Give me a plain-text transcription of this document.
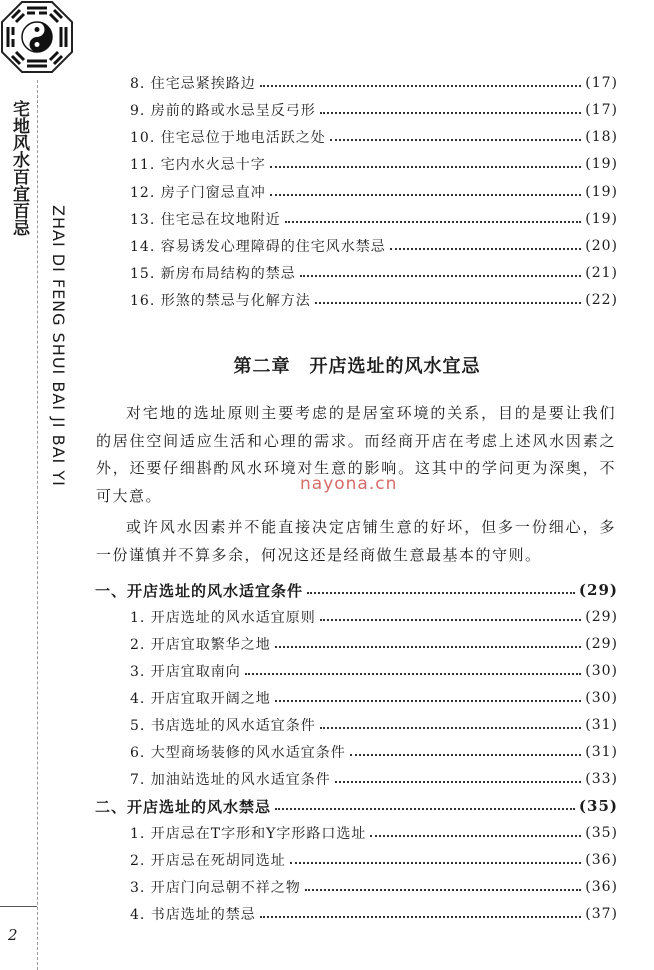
宅地风水百宜百忌
ZHAI DI FENG SHUI BAI JI BAI YI
2
8. 住宅忌紧挨路边	(17)
9. 房前的路或水忌呈反弓形	(17)
10. 住宅忌位于地电活跃之处	(18)
11. 宅内水火忌十字	(19)
12. 房子门窗忌直冲	(19)
13. 住宅忌在坟地附近	(19)
14. 容易诱发心理障碍的住宅风水禁忌	(20)
15. 新房布局结构的禁忌	(21)
16. 形煞的禁忌与化解方法	(22)
第二章　开店选址的风水宜忌
对宅地的选址原则主要考虑的是居室环境的关系，目的是要让我们的居住空间适应生活和心理的需求。而经商开店在考虑上述风水因素之外，还要仔细斟酌风水环境对生意的影响。这其中的学问更为深奥，不可大意。
或许风水因素并不能直接决定店铺生意的好坏，但多一份细心，多一份谨慎并不算多余，何况这还是经商做生意最基本的守则。
nayona.cn
一、开店选址的风水适宜条件	(29)
1. 开店选址的风水适宜原则	(29)
2. 开店宜取繁华之地	(29)
3. 开店宜取南向	(30)
4. 开店宜取开阔之地	(30)
5. 书店选址的风水适宜条件	(31)
6. 大型商场装修的风水适宜条件	(31)
7. 加油站选址的风水适宜条件	(33)
二、开店选址的风水禁忌	(35)
1. 开店忌在T字形和Y字形路口选址	(35)
2. 开店忌在死胡同选址	(36)
3. 开店门向忌朝不祥之物	(36)
4. 书店选址的禁忌	(37)
